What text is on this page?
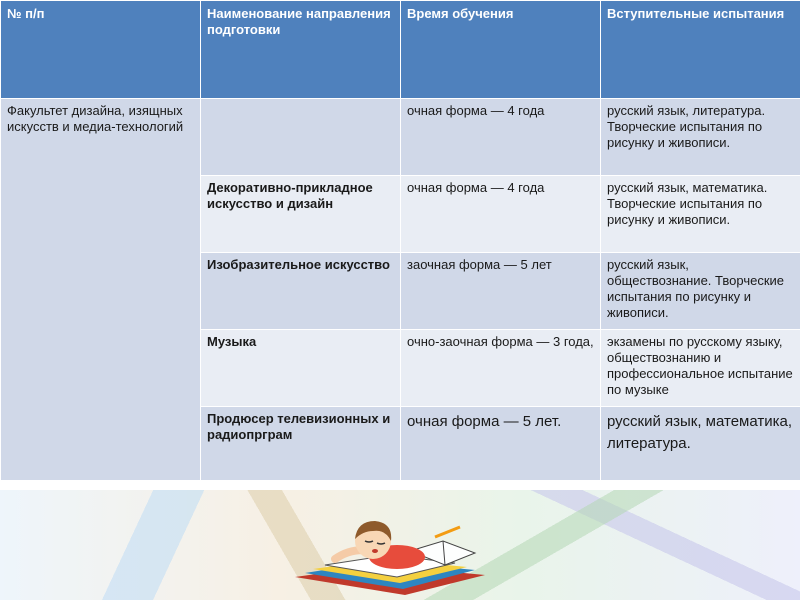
№ п/п	Наименование направления подготовки	Время обучения	Вступительные испытания
Факультет дизайна, изящных искусств и медиа-технологий		очная форма — 4 года	русский язык, литература. Творческие испытания по рисунку и живописи.
	Декоративно-прикладное искусство и дизайн	очная форма — 4 года	русский язык, математика. Творческие испытания по рисунку и живописи.
	Изобразительное искусство	заочная форма — 5 лет	русский язык, обществознание. Творческие испытания по рисунку и живописи.
	Музыка	очно-заочная форма — 3 года,	экзамены по русскому языку, обществознанию и профессиональное испытание по музыке
	Продюсер телевизионных и радиопрграм	очная форма — 5 лет.	русский язык, математика, литература.
